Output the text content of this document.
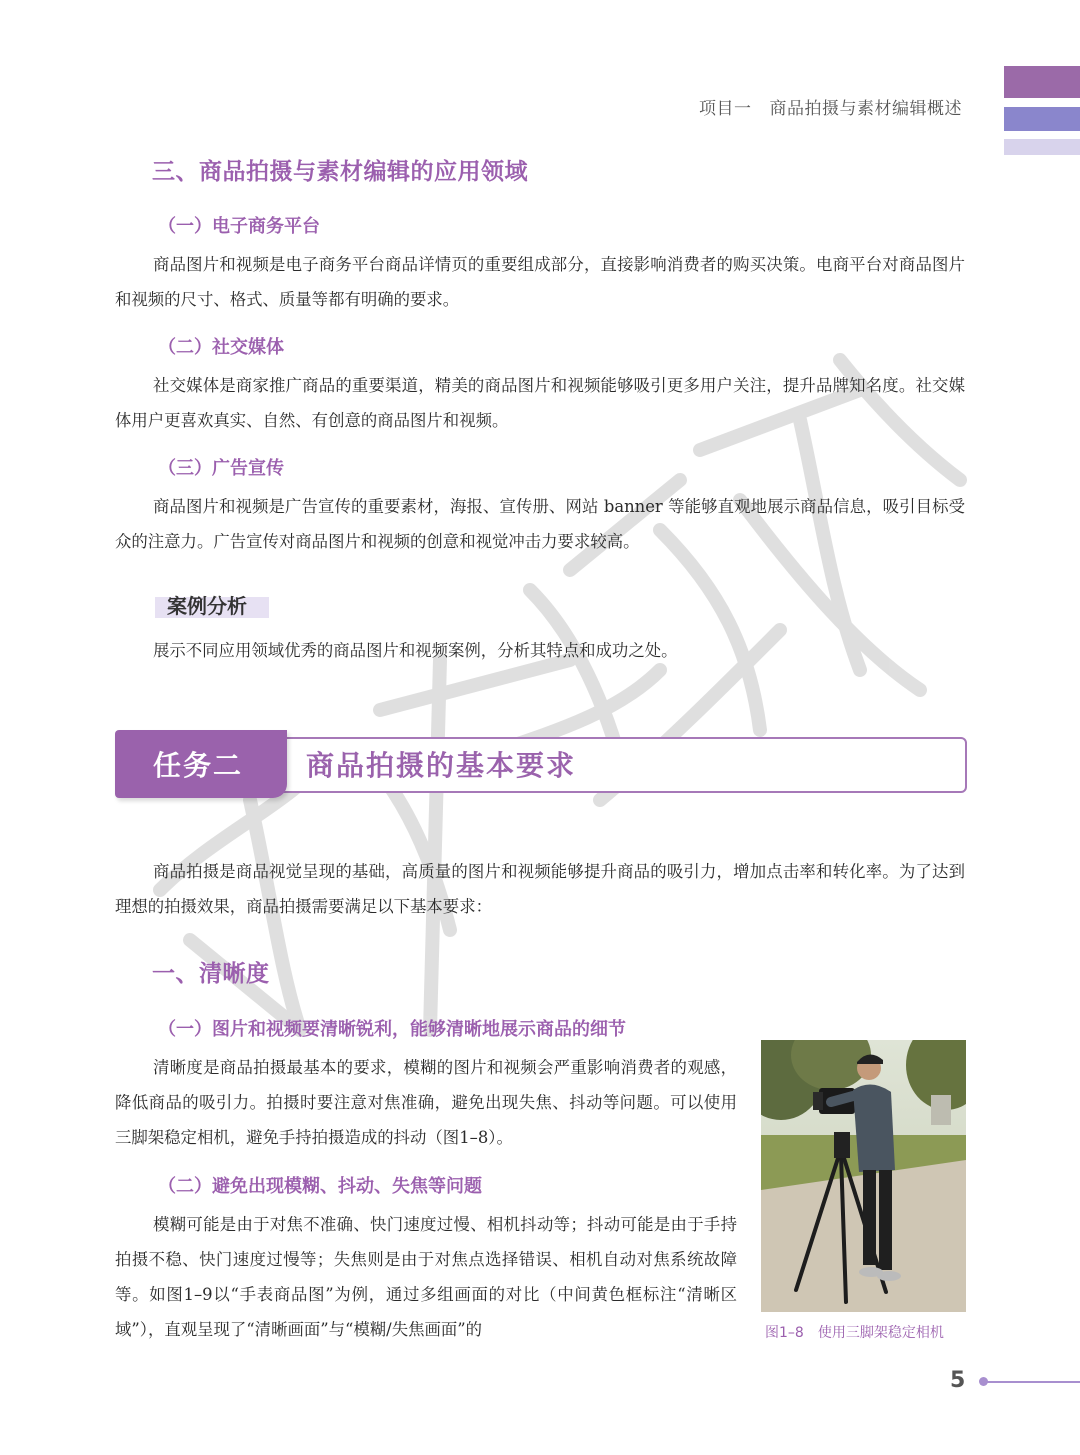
项目一 商品拍摄与素材编辑概述
三、商品拍摄与素材编辑的应用领域
（一）电子商务平台
商品图片和视频是电子商务平台商品详情页的重要组成部分，直接影响消费者的购买决策。电商平台对商品图片和视频的尺寸、格式、质量等都有明确的要求。
（二）社交媒体
社交媒体是商家推广商品的重要渠道，精美的商品图片和视频能够吸引更多用户关注，提升品牌知名度。社交媒体用户更喜欢真实、自然、有创意的商品图片和视频。
（三）广告宣传
商品图片和视频是广告宣传的重要素材，海报、宣传册、网站 banner 等能够直观地展示商品信息，吸引目标受众的注意力。广告宣传对商品图片和视频的创意和视觉冲击力要求较高。
案例分析
展示不同应用领域优秀的商品图片和视频案例，分析其特点和成功之处。
任务二 商品拍摄的基本要求
商品拍摄是商品视觉呈现的基础，高质量的图片和视频能够提升商品的吸引力，增加点击率和转化率。为了达到理想的拍摄效果，商品拍摄需要满足以下基本要求：
一、清晰度
（一）图片和视频要清晰锐利，能够清晰地展示商品的细节
清晰度是商品拍摄最基本的要求，模糊的图片和视频会严重影响消费者的观感，降低商品的吸引力。拍摄时要注意对焦准确，避免出现失焦、抖动等问题。可以使用三脚架稳定相机，避免手持拍摄造成的抖动（图1–8）。
（二）避免出现模糊、抖动、失焦等问题
模糊可能是由于对焦不准确、快门速度过慢、相机抖动等；抖动可能是由于手持拍摄不稳、快门速度过慢等；失焦则是由于对焦点选择错误、相机自动对焦系统故障等。如图1–9以“手表商品图”为例，通过多组画面的对比（中间黄色框标注“清晰区域”），直观呈现了“清晰画面”与“模糊/失焦画面”的	图1–8 使用三脚架稳定相机
5
